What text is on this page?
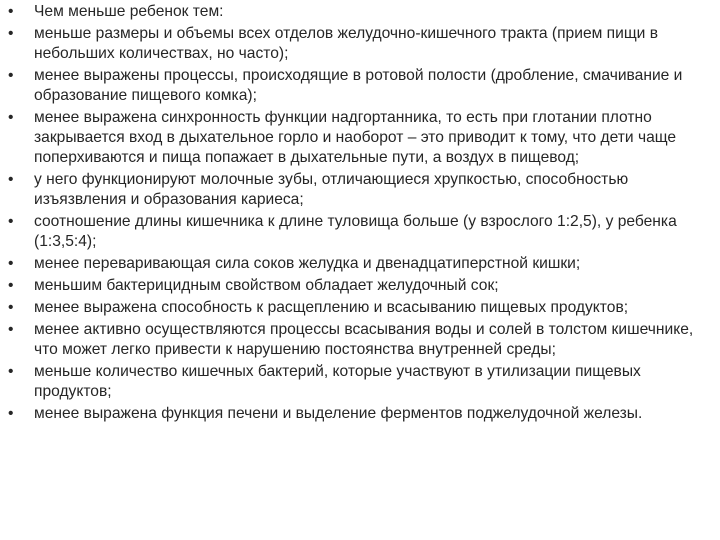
•	Чем меньше ребенок тем:
•	меньше размеры и объемы всех отделов желудочно-кишечного тракта (прием пищи в небольших количествах, но часто);
•	менее выражены процессы, происходящие в ротовой полости (дробление, смачивание и образование пищевого комка);
•	менее выражена синхронность функции надгортанника, то есть при глотании плотно закрывается вход в дыхательное горло и наоборот – это приводит к тому, что дети чаще поперхиваются и пища попажает в дыхательные пути, а воздух в пищевод;
•	у него функционируют молочные зубы, отличающиеся хрупкостью, способностью изъязвления и образования кариеса;
•	соотношение длины кишечника к длине туловища больше (у взрослого 1:2,5), у ребенка (1:3,5:4);
•	менее переваривающая сила соков желудка и двенадцатиперстной кишки;
•	меньшим бактерицидным свойством обладает желудочный сок;
•	менее выражена способность к расщеплению и всасыванию пищевых продуктов;
•	менее активно осуществляются процессы всасывания воды и солей в толстом кишечнике, что может легко привести к нарушению постоянства внутренней среды;
•	меньше количество кишечных бактерий, которые участвуют в утилизации пищевых продуктов;
•	менее выражена функция печени и выделение ферментов поджелудочной железы.
